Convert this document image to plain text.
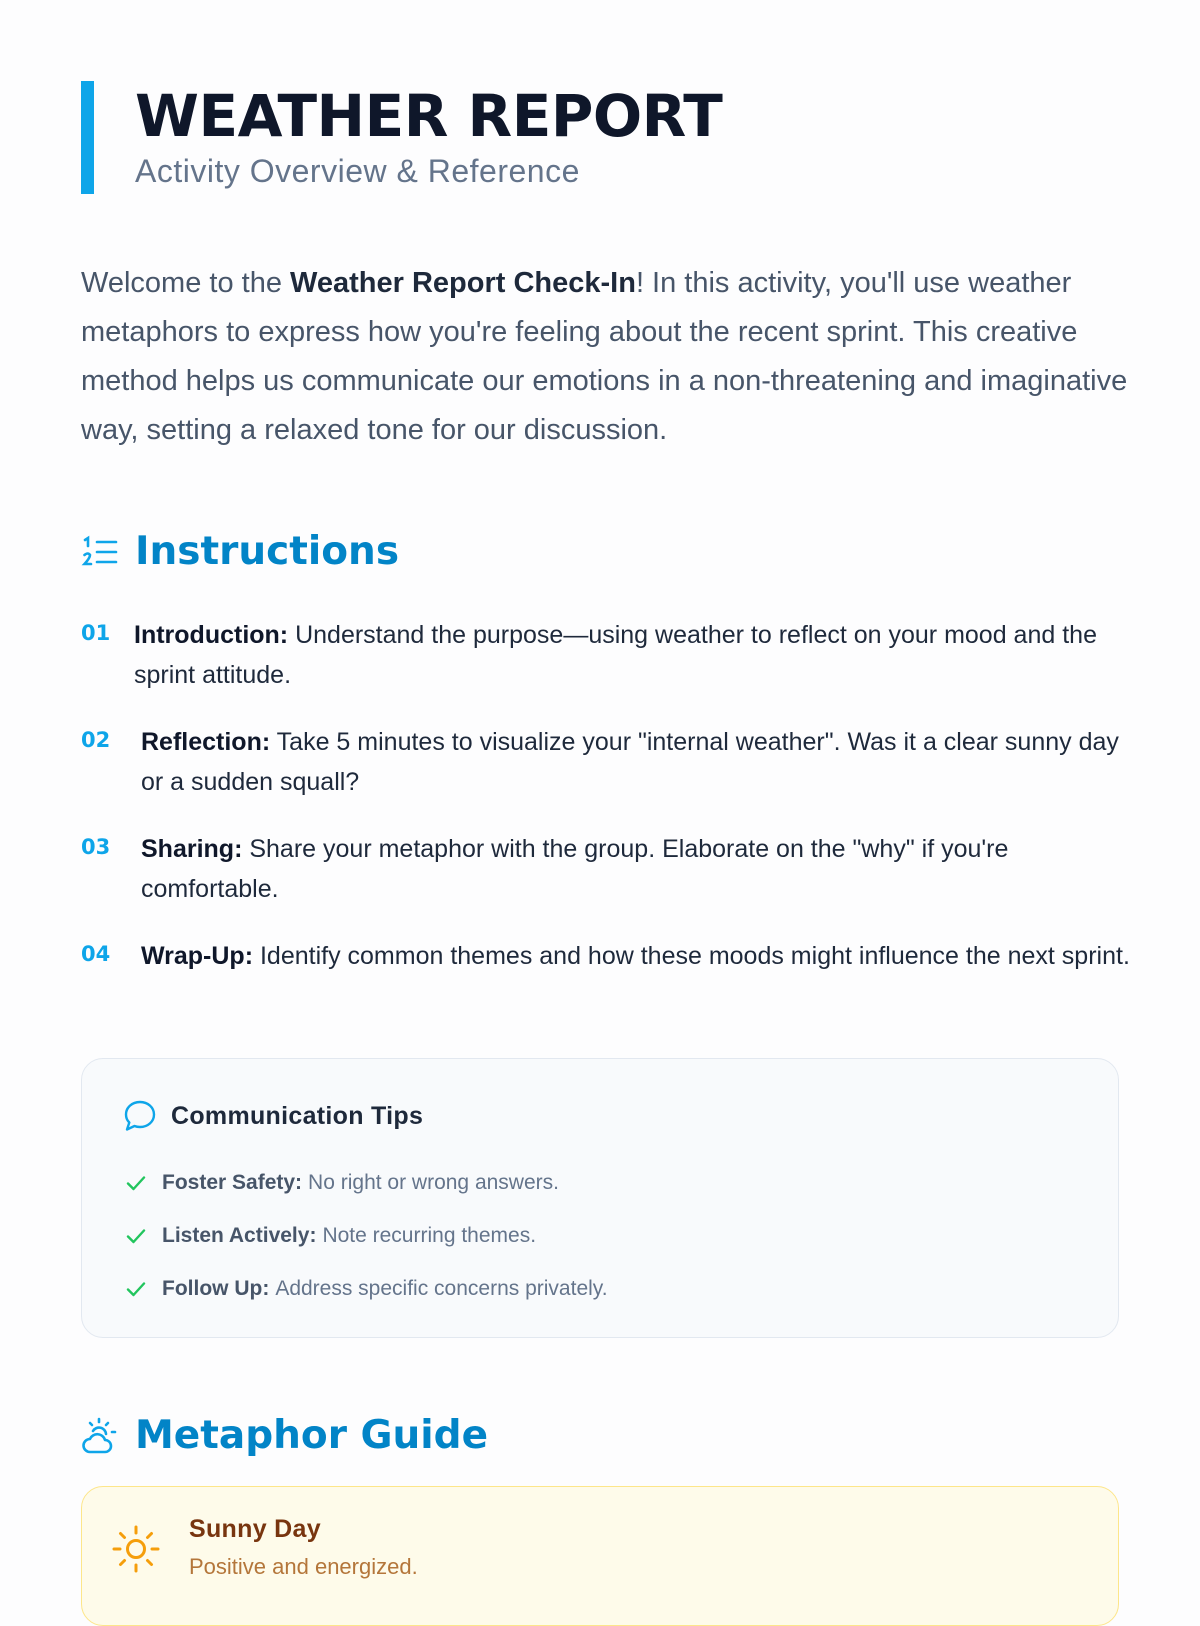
WEATHER REPORT
Activity Overview & Reference

Welcome to the Weather Report Check-In! In this activity, you'll use weather metaphors to express how you're feeling about the recent sprint. This creative method helps us communicate our emotions in a non-threatening and imaginative way, setting a relaxed tone for our discussion.

Instructions
01 Introduction: Understand the purpose—using weather to reflect on your mood and the sprint attitude.
02 Reflection: Take 5 minutes to visualize your "internal weather". Was it a clear sunny day or a sudden squall?
03 Sharing: Share your metaphor with the group. Elaborate on the "why" if you're comfortable.
04 Wrap-Up: Identify common themes and how these moods might influence the next sprint.
Communication Tips
Foster Safety: No right or wrong answers.
Listen Actively: Note recurring themes.
Follow Up: Address specific concerns privately.
Metaphor Guide
Sunny Day
Positive and energized.
